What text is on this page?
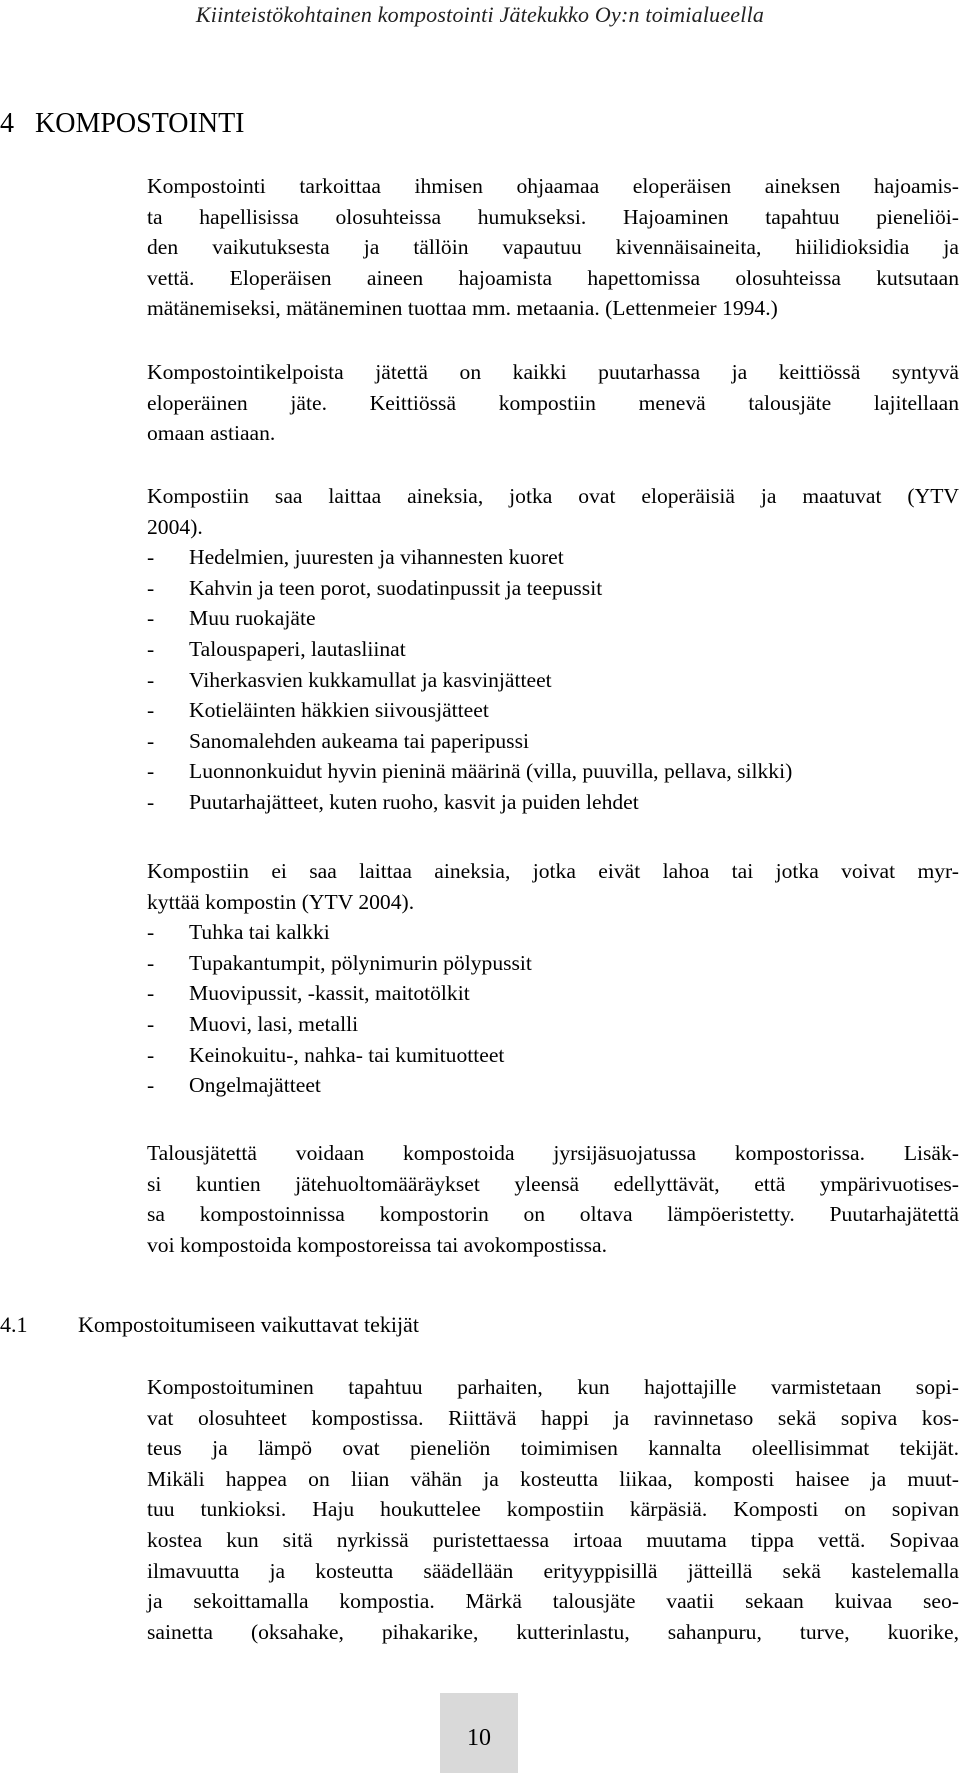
Kiinteistökohtainen kompostointi Jätekukko Oy:n toimialueella
4 KOMPOSTOINTI

Kompostointi tarkoittaa ihmisen ohjaamaa eloperäisen aineksen hajoamis-

ta hapellisissa olosuhteissa humukseksi. Hajoaminen tapahtuu pieneliöi-

den vaikutuksesta ja tällöin vapautuu kivennäisaineita, hiilidioksidia ja

vettä. Eloperäisen aineen hajoamista hapettomissa olosuhteissa kutsutaan

mätänemiseksi, mätäneminen tuottaa mm. metaania. (Lettenmeier 1994.)

Kompostointikelpoista jätettä on kaikki puutarhassa ja keittiössä syntyvä

eloperäinen jäte. Keittiössä kompostiin menevä talousjäte lajitellaan

omaan astiaan.

Kompostiin saa laittaa aineksia, jotka ovat eloperäisiä ja maatuvat (YTV

2004).

- Hedelmien, juuresten ja vihannesten kuoret
- Kahvin ja teen porot, suodatinpussit ja teepussit
- Muu ruokajäte
- Talouspaperi, lautasliinat
- Viherkasvien kukkamullat ja kasvinjätteet
- Kotieläinten häkkien siivousjätteet
- Sanomalehden aukeama tai paperipussi
- Luonnonkuidut hyvin pieninä määrinä (villa, puuvilla, pellava, silkki)
- Puutarhajätteet, kuten ruoho, kasvit ja puiden lehdet

Kompostiin ei saa laittaa aineksia, jotka eivät lahoa tai jotka voivat myr-

kyttää kompostin (YTV 2004).

- Tuhka tai kalkki
- Tupakantumpit, pölynimurin pölypussit
- Muovipussit, -kassit, maitotölkit
- Muovi, lasi, metalli
- Keinokuitu-, nahka- tai kumituotteet
- Ongelmajätteet

Talousjätettä voidaan kompostoida jyrsijäsuojatussa kompostorissa. Lisäk-

si kuntien jätehuoltomääräykset yleensä edellyttävät, että ympärivuotises-

sa kompostoinnissa kompostorin on oltava lämpöeristetty. Puutarhajätettä

voi kompostoida kompostoreissa tai avokompostissa.

4.1 Kompostoitumiseen vaikuttavat tekijät

Kompostoituminen tapahtuu parhaiten, kun hajottajille varmistetaan sopi-

vat olosuhteet kompostissa. Riittävä happi ja ravinnetaso sekä sopiva kos-

teus ja lämpö ovat pieneliön toimimisen kannalta oleellisimmat tekijät.

Mikäli happea on liian vähän ja kosteutta liikaa, komposti haisee ja muut-

tuu tunkioksi. Haju houkuttelee kompostiin kärpäsiä. Komposti on sopivan

kostea kun sitä nyrkissä puristettaessa irtoaa muutama tippa vettä. Sopivaa

ilmavuutta ja kosteutta säädellään erityyppisillä jätteillä sekä kastelemalla

ja sekoittamalla kompostia. Märkä talousjäte vaatii sekaan kuivaa seo-

sainetta (oksahake, pihakarike, kutterinlastu, sahanpuru, turve, kuorike,

10
